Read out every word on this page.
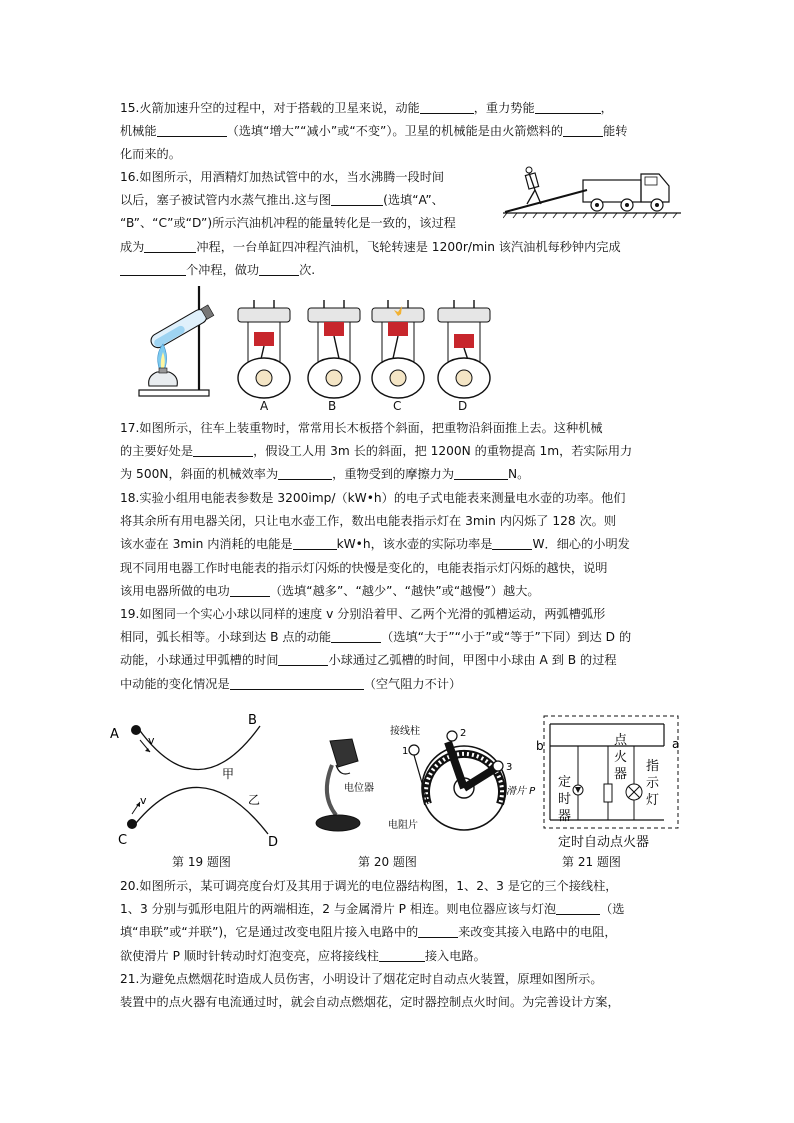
15.火箭加速升空的过程中，对于搭载的卫星来说，动能	，重力势能	，
机械能	（选填“增大”“减小”或“不变”）。卫星的机械能是由火箭燃料的	能转
化而来的。
16.如图所示，用酒精灯加热试管中的水，当水沸腾一段时间
以后，塞子被试管内水蒸气推出.这与图	(选填“A”、
“B”、“C”或“D”)所示汽油机冲程的能量转化是一致的，该过程
成为	冲程，一台单缸四冲程汽油机，飞轮转速是 1200r/min 该汽油机每秒钟内完成
个冲程，做功	次.
A	B	C	D
17.如图所示，往车上装重物时，常常用长木板搭个斜面，把重物沿斜面推上去。这种机械
的主要好处是	，假设工人用 3m 长的斜面，把 1200N 的重物提高 1m，若实际用力
为 500N，斜面的机械效率为	，重物受到的摩擦力为	N。
18.实验小组用电能表参数是 3200imp/（kW•h）的电子式电能表来测量电水壶的功率。他们
将其余所有用电器关闭，只让电水壶工作，数出电能表指示灯在 3min 内闪烁了 128 次。则
该水壶在 3min 内消耗的电能是	kW•h，该水壶的实际功率是	W．细心的小明发
现不同用电器工作时电能表的指示灯闪烁的快慢是变化的，电能表指示灯闪烁的越快，说明
该用电器所做的电功	（选填“越多”、“越少”、“越快”或“越慢”）越大。
19.如图同一个实心小球以同样的速度 v 分别沿着甲、乙两个光滑的弧槽运动，两弧槽弧形
相同，弧长相等。小球到达 B 点的动能	（选填“大于”“小于”或“等于”下同）到达 D 的
动能，小球通过甲弧槽的时间	小球通过乙弧槽的时间，甲图中小球由 A 到 B 的过程
中动能的变化情况是	（空气阻力不计）
A
B
C	D
v
v
甲
乙
电位器
接线柱
1
2
3
滑片 P
电阻片
a
b	点
火
器
定
时
器
指
示
灯
定时自动点火器
第 19 题图	第 20 题图	第 21 题图
20.如图所示，某可调亮度台灯及其用于调光的电位器结构图，1、2、3 是它的三个接线柱，
1、3 分别与弧形电阻片的两端相连，2 与金属滑片 P 相连。则电位器应该与灯泡	（选
填“串联”或“并联”)，它是通过改变电阻片接入电路中的	来改变其接入电路中的电阻，
欲使滑片 P 顺时针转动时灯泡变亮，应将接线柱	接入电路。
21.为避免点燃烟花时造成人员伤害，小明设计了烟花定时自动点火装置，原理如图所示。
装置中的点火器有电流通过时，就会自动点燃烟花，定时器控制点火时间。为完善设计方案，
